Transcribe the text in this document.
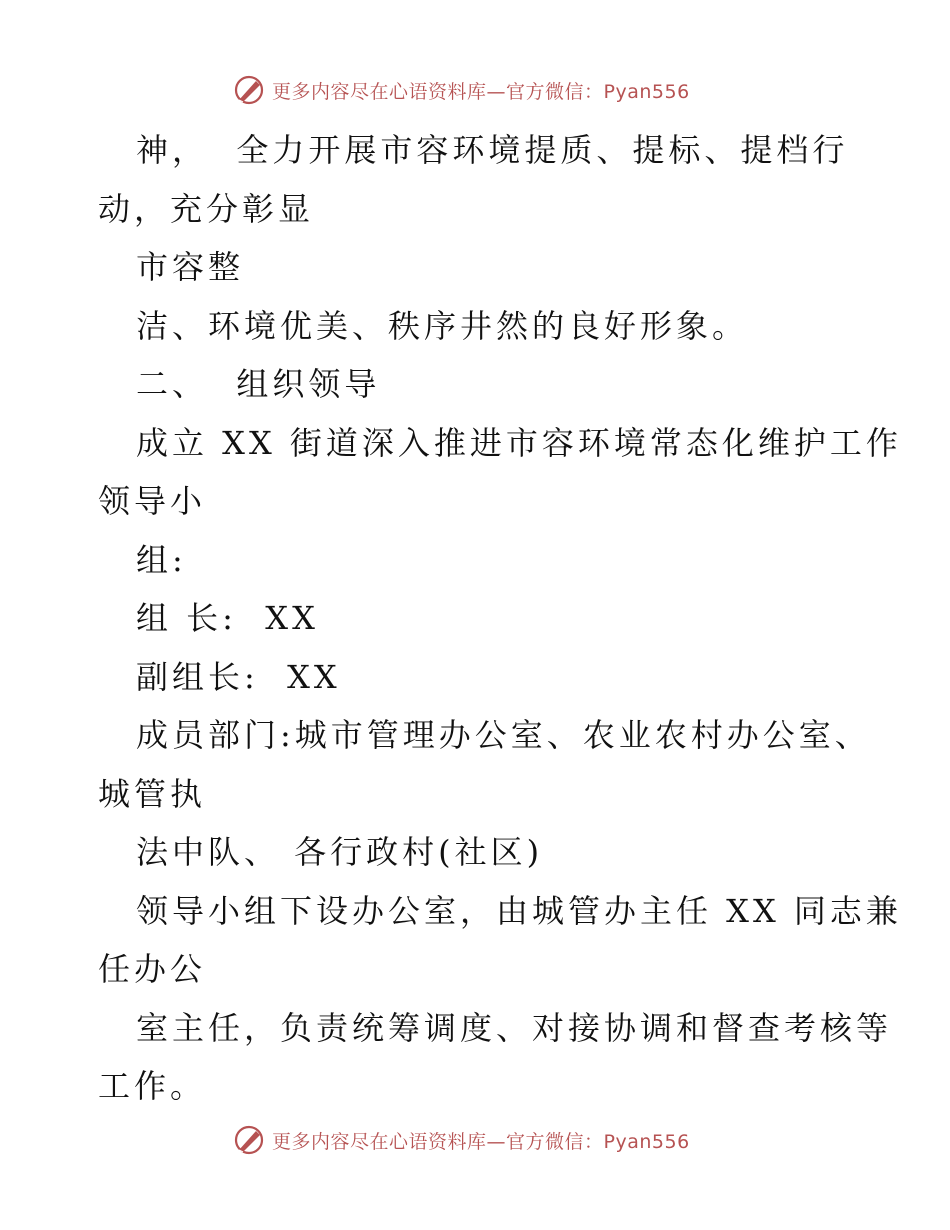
更多内容尽在心语资料库—官方微信：Pyan556
神，  全力开展市容环境提质、提标、提档行
动，充分彰显
市容整
洁、环境优美、秩序井然的良好形象。
二、  组织领导
成立 XX 街道深入推进市容环境常态化维护工作
领导小
组:
组 长:  XX
副组长:  XX
成员部门:城市管理办公室、农业农村办公室、
城管执
法中队、 各行政村(社区)
领导小组下设办公室，由城管办主任 XX 同志兼
任办公
室主任，负责统筹调度、对接协调和督查考核等
工作。
更多内容尽在心语资料库—官方微信：Pyan556
